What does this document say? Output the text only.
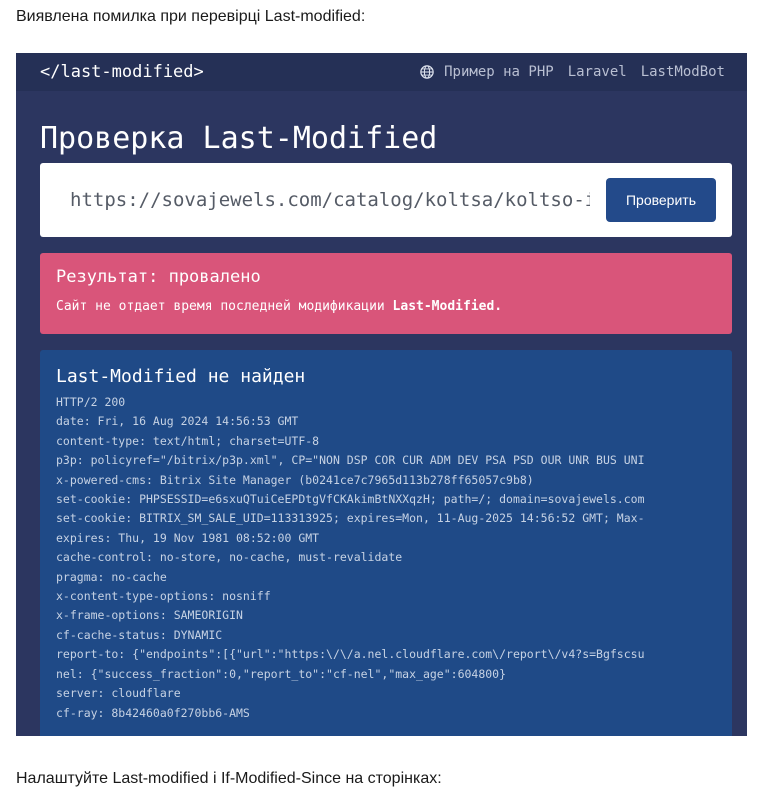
Виявлена помилка при перевірці Last-modified:
</last-modified>	Пример на PHP Laravel LastModBot
Проверка Last-Modified
https://sovajewels.com/catalog/koltsa/koltso-iz
Проверить
Результат: провалено
Сайт не отдает время последней модификации Last-Modified.
Last-Modified не найден
HTTP/2 200
date: Fri, 16 Aug 2024 14:56:53 GMT
content-type: text/html; charset=UTF-8
p3p: policyref="/bitrix/p3p.xml", CP="NON DSP COR CUR ADM DEV PSA PSD OUR UNR BUS UNI
x-powered-cms: Bitrix Site Manager (b0241ce7c7965d113b278ff65057c9b8)
set-cookie: PHPSESSID=e6sxuQTuiCeEPDtgVfCKAkimBtNXXqzH; path=/; domain=sovajewels.com
set-cookie: BITRIX_SM_SALE_UID=113313925; expires=Mon, 11-Aug-2025 14:56:52 GMT; Max-
expires: Thu, 19 Nov 1981 08:52:00 GMT
cache-control: no-store, no-cache, must-revalidate
pragma: no-cache
x-content-type-options: nosniff
x-frame-options: SAMEORIGIN
cf-cache-status: DYNAMIC
report-to: {"endpoints":[{"url":"https:\/\/a.nel.cloudflare.com\/report\/v4?s=Bgfscsu
nel: {"success_fraction":0,"report_to":"cf-nel","max_age":604800}
server: cloudflare
cf-ray: 8b42460a0f270bb6-AMS
Налаштуйте Last-modified і If-Modified-Since на сторінках:
